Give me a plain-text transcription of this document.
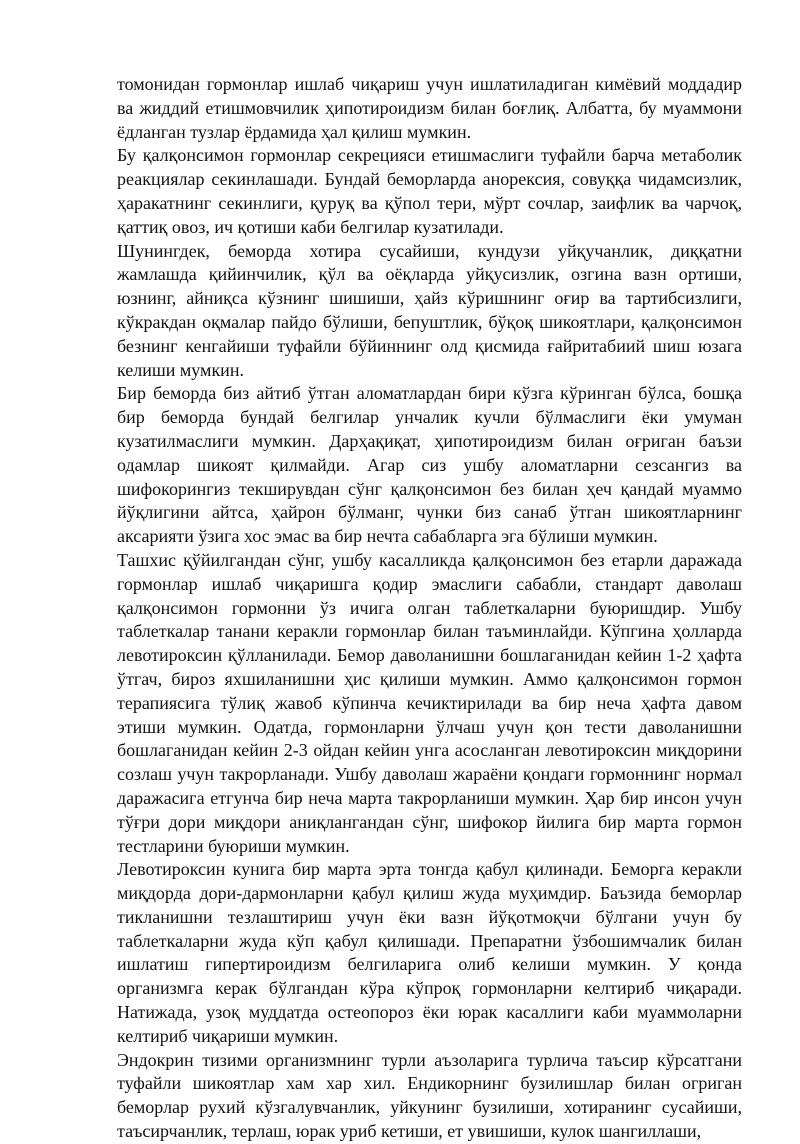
томонидан гормонлар ишлаб чиқариш учун ишлатиладиган кимёвий моддадир ва жиддий етишмовчилик ҳипотироидизм билан боғлиқ. Албатта, бу муаммони ёдланган тузлар ёрдамида ҳал қилиш мумкин.

Бу қалқонсимон гормонлар секрецияси етишмаслиги туфайли барча метаболик реакциялар секинлашади. Бундай беморларда анорексия, совуққа чидамсизлик, ҳаракатнинг секинлиги, қуруқ ва қўпол тери, мўрт сочлар, заифлик ва чарчоқ, қаттиқ овоз, ич қотиши каби белгилар кузатилади.

Шунингдек, беморда хотира сусайиши, кундузи уйқучанлик, диққатни жамлашда қийинчилик, қўл ва оёқларда уйқусизлик, озгина вазн ортиши, юзнинг, айниқса кўзнинг шишиши, ҳайз кўришнинг оғир ва тартибсизлиги, кўкракдан оқмалар пайдо бўлиши, бепуштлик, бўқоқ шикоятлари, қалқонсимон безнинг кенгайиши туфайли бўйиннинг олд қисмида ғайритабиий шиш юзага келиши мумкин.

Бир беморда биз айтиб ўтган аломатлардан бири кўзга кўринган бўлса, бошқа бир беморда бундай белгилар унчалик кучли бўлмаслиги ёки умуман кузатилмаслиги мумкин. Дарҳақиқат, ҳипотироидизм билан оғриган баъзи одамлар шикоят қилмайди. Агар сиз ушбу аломатларни сезсангиз ва шифокорингиз текширувдан сўнг қалқонсимон без билан ҳеч қандай муаммо йўқлигини айтса, ҳайрон бўлманг, чунки биз санаб ўтган шикоятларнинг аксарияти ўзига хос эмас ва бир нечта сабабларга эга бўлиши мумкин.

Ташхис қўйилгандан сўнг, ушбу касалликда қалқонсимон без етарли даражада гормонлар ишлаб чиқаришга қодир эмаслиги сабабли, стандарт даволаш қалқонсимон гормонни ўз ичига олган таблеткаларни буюришдир. Ушбу таблеткалар танани керакли гормонлар билан таъминлайди. Кўпгина ҳолларда левотироксин қўлланилади. Бемор даволанишни бошлаганидан кейин 1-2 ҳафта ўтгач, бироз яхшиланишни ҳис қилиши мумкин. Аммо қалқонсимон гормон терапиясига тўлиқ жавоб кўпинча кечиктирилади ва бир неча ҳафта давом этиши мумкин. Одатда, гормонларни ўлчаш учун қон тести даволанишни бошлаганидан кейин 2-3 ойдан кейин унга асосланган левотироксин миқдорини созлаш учун такрорланади. Ушбу даволаш жараёни қондаги гормоннинг нормал даражасига етгунча бир неча марта такрорланиши мумкин. Ҳар бир инсон учун тўғри дори миқдори аниқлангандан сўнг, шифокор йилига бир марта гормон тестларини буюриши мумкин.

Левотироксин кунига бир марта эрта тонгда қабул қилинади. Беморга керакли миқдорда дори-дармонларни қабул қилиш жуда муҳимдир. Баъзида беморлар тикланишни тезлаштириш учун ёки вазн йўқотмоқчи бўлгани учун бу таблеткаларни жуда кўп қабул қилишади. Препаратни ўзбошимчалик билан ишлатиш гипертироидизм белгиларига олиб келиши мумкин. У қонда организмга керак бўлгандан кўра кўпроқ гормонларни келтириб чиқаради. Натижада, узоқ муддатда остеопороз ёки юрак касаллиги каби муаммоларни келтириб чиқариши мумкин.

Эндокрин тизими организмнинг турли аъзоларига турлича таъсир кўрсатгани туфайли шикоятлар хам хар хил. Ендикорнинг бузилишлар билан огриган беморлар рухий кўзгалувчанлик, уйкунинг бузилиши, хотиранинг сусайиши, таъсирчанлик, терлаш, юрак уриб кетиши, ет увишиши, кулок шангиллаши,
